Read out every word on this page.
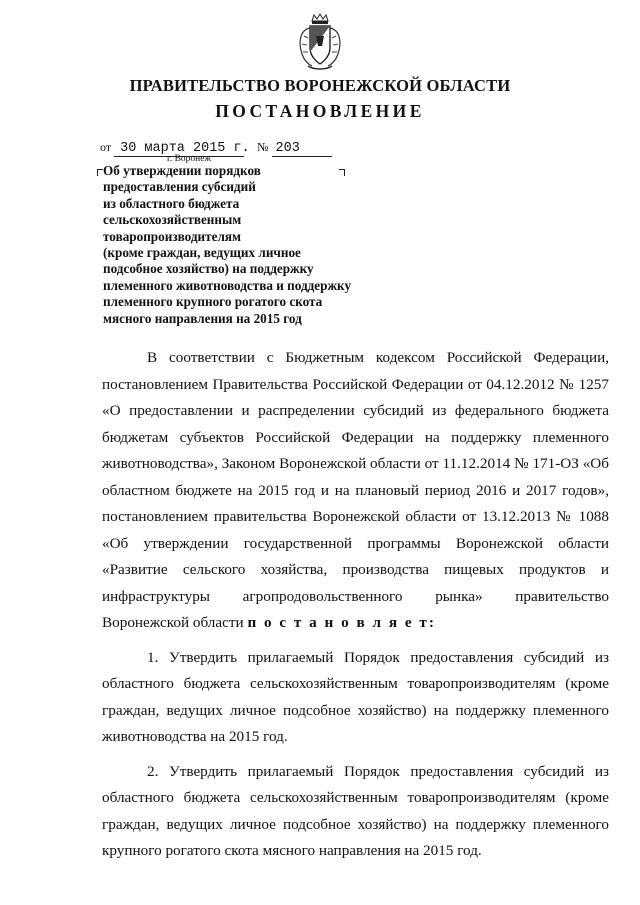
ПРАВИТЕЛЬСТВО ВОРОНЕЖСКОЙ ОБЛАСТИ
ПОСТАНОВЛЕНИЕ
от 30 марта 2015 г. № 203
г. Воронеж
Об утверждении порядков
предоставления субсидий
из областного бюджета
сельскохозяйственным
товаропроизводителям
(кроме граждан, ведущих личное
подсобное хозяйство) на поддержку
племенного животноводства и поддержку
племенного крупного рогатого скота
мясного направления на 2015 год

В соответствии с Бюджетным кодексом Российской Федерации, постановлением Правительства Российской Федерации от 04.12.2012 № 1257 «О предоставлении и распределении субсидий из федерального бюджета бюджетам субъектов Российской Федерации на поддержку племенного животноводства», Законом Воронежской области от 11.12.2014 № 171-ОЗ «Об областном бюджете на 2015 год и на плановый период 2016 и 2017 годов», постановлением правительства Воронежской области от 13.12.2013 № 1088 «Об утверждении государственной программы Воронежской области «Развитие сельского хозяйства, производства пищевых продуктов и инфраструктуры агропродовольственного рынка» правительство Воронежской области п о с т а н о в л я е т:

1. Утвердить прилагаемый Порядок предоставления субсидий из областного бюджета сельскохозяйственным товаропроизводителям (кроме граждан, ведущих личное подсобное хозяйство) на поддержку племенного животноводства на 2015 год.

2. Утвердить прилагаемый Порядок предоставления субсидий из областного бюджета сельскохозяйственным товаропроизводителям (кроме граждан, ведущих личное подсобное хозяйство) на поддержку племенного крупного рогатого скота мясного направления на 2015 год.
